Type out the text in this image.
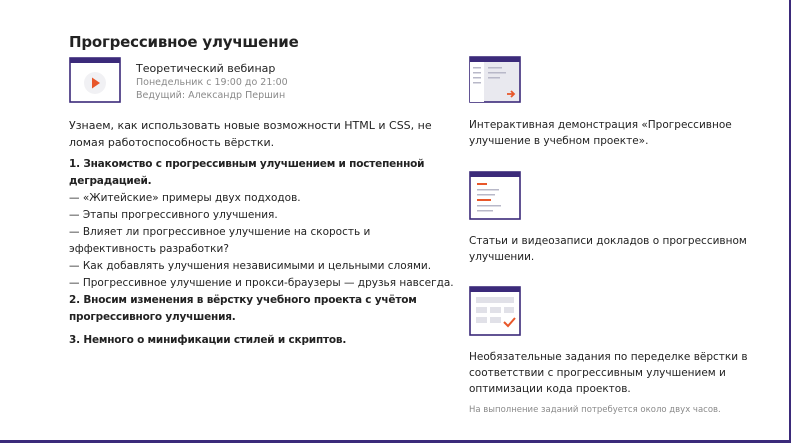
Прогрессивное улучшение
Теоретический вебинар
Понедельник с 19:00 до 21:00
Ведущий: Александр Першин
Узнаем, как использовать новые возможности HTML и CSS, не ломая работоспособность вёрстки.
1. Знакомство с прогрессивным улучшением и постепенной деградацией.
— «Житейские» примеры двух подходов.
— Этапы прогрессивного улучшения.
— Влияет ли прогрессивное улучшение на скорость и эффективность разработки?
— Как добавлять улучшения независимыми и цельными слоями.
— Прогрессивное улучшение и прокси-браузеры — друзья навсегда.
2. Вносим изменения в вёрстку учебного проекта с учётом прогрессивного улучшения.
3. Немного о минификации стилей и скриптов.
Интерактивная демонстрация «Прогрессивное улучшение в учебном проекте».
Статьи и видеозаписи докладов о прогрессивном улучшении.
Необязательные задания по переделке вёрстки в соответствии с прогрессивным улучшением и оптимизации кода проектов.
На выполнение заданий потребуется около двух часов.
